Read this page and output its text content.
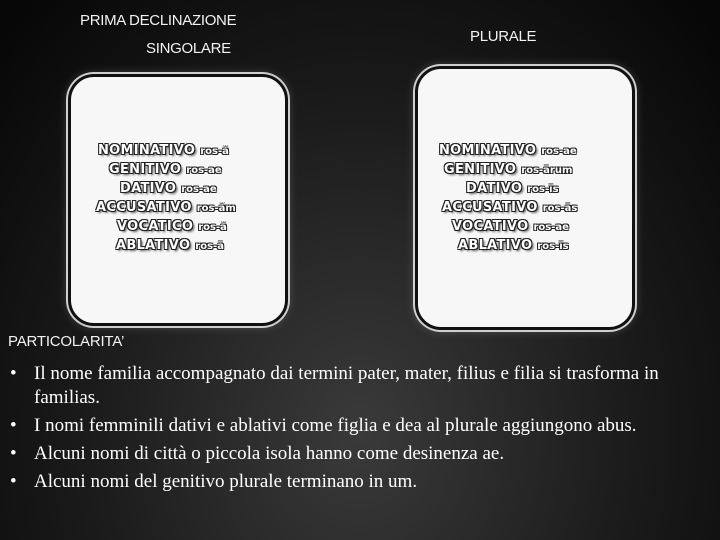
PRIMA DECLINAZIONE
SINGOLARE
PLURALE
NOMINATIVO ros-ă
GENITIVO ros-ae
DATIVO ros-ae
ACCUSATIVO ros-ăm
VOCATICO ros-ă
ABLATIVO ros-ā
NOMINATIVO ros-ae
GENITIVO ros-ārum
DATIVO ros-īs
ACCUSATIVO ros-ās
VOCATIVO ros-ae
ABLATIVO ros-īs
PARTICOLARITA’
• Il nome familia accompagnato dai termini pater, mater, filius e filia si trasforma in familias.
• I nomi femminili dativi e ablativi come figlia e dea al plurale aggiungono abus.
• Alcuni nomi di città o piccola isola hanno come desinenza ae.
• Alcuni nomi del genitivo plurale terminano in um.
